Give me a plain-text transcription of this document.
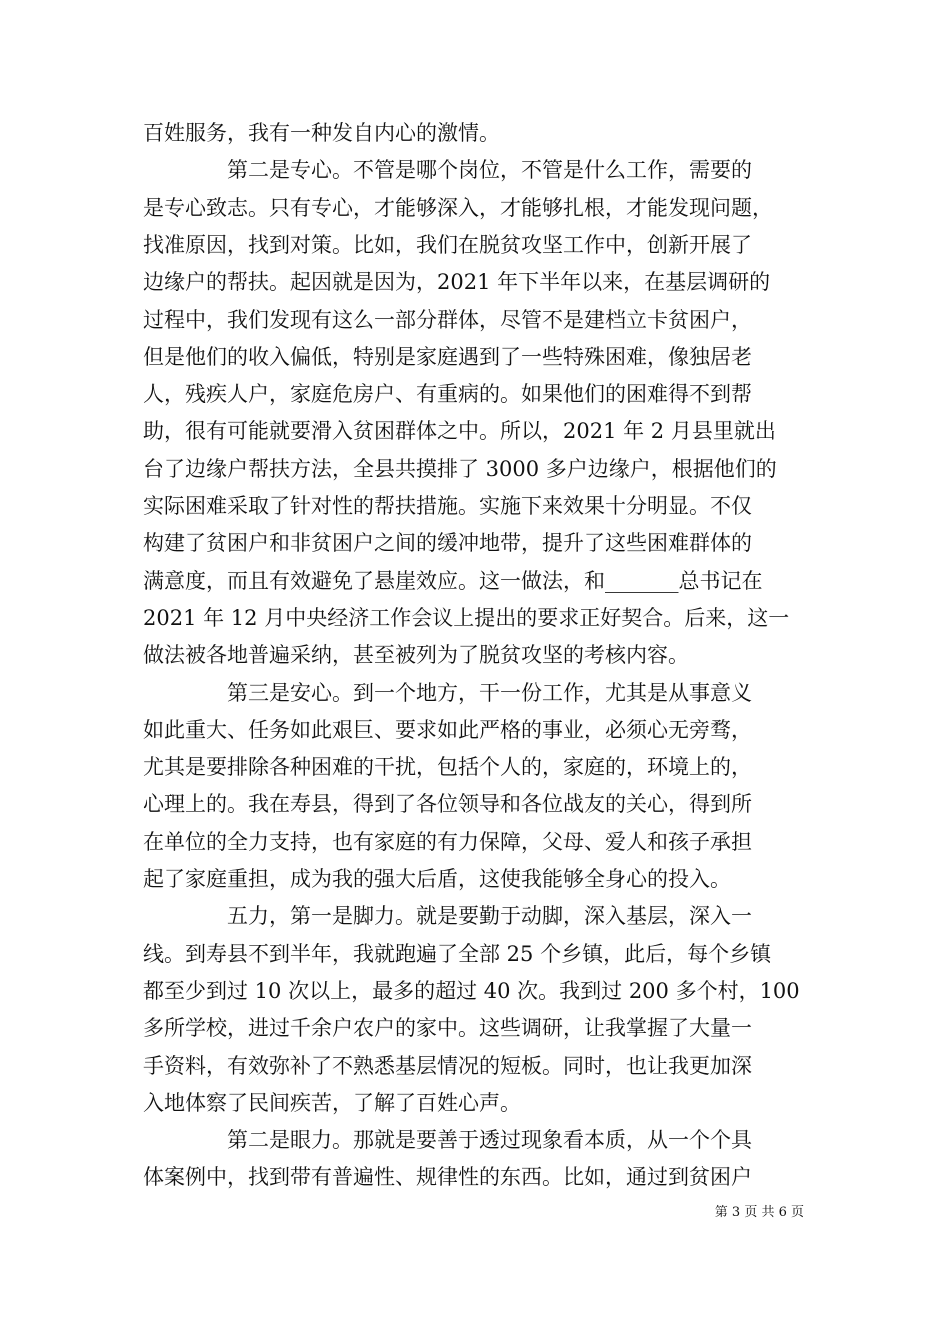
百姓服务，我有一种发自内心的激情。
　　　　第二是专心。不管是哪个岗位，不管是什么工作，需要的
是专心致志。只有专心，才能够深入，才能够扎根，才能发现问题，
找准原因，找到对策。比如，我们在脱贫攻坚工作中，创新开展了
边缘户的帮扶。起因就是因为，2021 年下半年以来，在基层调研的
过程中，我们发现有这么一部分群体，尽管不是建档立卡贫困户，
但是他们的收入偏低，特别是家庭遇到了一些特殊困难，像独居老
人，残疾人户，家庭危房户、有重病的。如果他们的困难得不到帮
助，很有可能就要滑入贫困群体之中。所以，2021 年 2 月县里就出
台了边缘户帮扶方法，全县共摸排了 3000 多户边缘户，根据他们的
实际困难采取了针对性的帮扶措施。实施下来效果十分明显。不仅
构建了贫困户和非贫困户之间的缓冲地带，提升了这些困难群体的
满意度，而且有效避免了悬崖效应。这一做法，和_______总书记在
2021 年 12 月中央经济工作会议上提出的要求正好契合。后来，这一
做法被各地普遍采纳，甚至被列为了脱贫攻坚的考核内容。
　　　　第三是安心。到一个地方，干一份工作，尤其是从事意义
如此重大、任务如此艰巨、要求如此严格的事业，必须心无旁骛，
尤其是要排除各种困难的干扰，包括个人的，家庭的，环境上的，
心理上的。我在寿县，得到了各位领导和各位战友的关心，得到所
在单位的全力支持，也有家庭的有力保障，父母、爱人和孩子承担
起了家庭重担，成为我的强大后盾，这使我能够全身心的投入。
　　　　五力，第一是脚力。就是要勤于动脚，深入基层，深入一
线。到寿县不到半年，我就跑遍了全部 25 个乡镇，此后，每个乡镇
都至少到过 10 次以上，最多的超过 40 次。我到过 200 多个村，100
多所学校，进过千余户农户的家中。这些调研，让我掌握了大量一
手资料，有效弥补了不熟悉基层情况的短板。同时，也让我更加深
入地体察了民间疾苦，了解了百姓心声。
　　　　第二是眼力。那就是要善于透过现象看本质，从一个个具
体案例中，找到带有普遍性、规律性的东西。比如，通过到贫困户
第 3 页 共 6 页
